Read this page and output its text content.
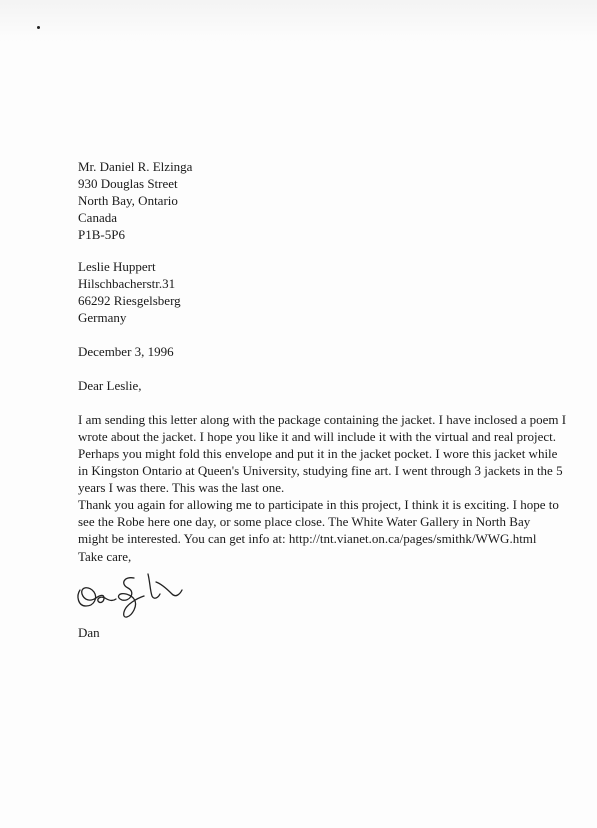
Mr. Daniel R. Elzinga

930 Douglas Street

North Bay, Ontario

Canada

P1B-5P6

Leslie Huppert

Hilschbacherstr.31

66292 Riesgelsberg

Germany

December 3, 1996

Dear Leslie,

I am sending this letter along with the package containing the jacket. I have inclosed a poem I
wrote about the jacket. I hope you like it and will include it with the virtual and real project.
Perhaps you might fold this envelope and put it in the jacket pocket. I wore this jacket while
in Kingston Ontario at Queen's University, studying fine art. I went through 3 jackets in the 5
years I was there. This was the last one.
Thank you again for allowing me to participate in this project, I think it is exciting. I hope to
see the Robe here one day, or some place close. The White Water Gallery in North Bay
might be interested. You can get info at: http://tnt.vianet.on.ca/pages/smithk/WWG.html

Take care,

Dan
